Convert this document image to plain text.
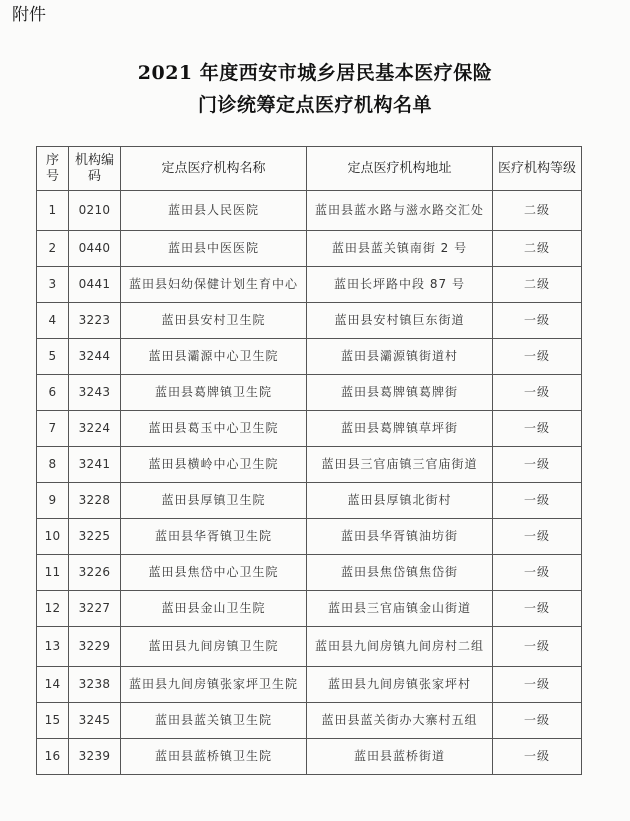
附件
2021 年度西安市城乡居民基本医疗保险
门诊统筹定点医疗机构名单
序号	机构编码	定点医疗机构名称	定点医疗机构地址	医疗机构等级
1	0210	蓝田县人民医院	蓝田县蓝水路与滋水路交汇处	二级
2	0440	蓝田县中医医院	蓝田县蓝关镇南街 2 号	二级
3	0441	蓝田县妇幼保健计划生育中心	蓝田长坪路中段 87 号	二级
4	3223	蓝田县安村卫生院	蓝田县安村镇巨东街道	一级
5	3244	蓝田县灞源中心卫生院	蓝田县灞源镇街道村	一级
6	3243	蓝田县葛牌镇卫生院	蓝田县葛牌镇葛牌街	一级
7	3224	蓝田县葛玉中心卫生院	蓝田县葛牌镇草坪街	一级
8	3241	蓝田县横岭中心卫生院	蓝田县三官庙镇三官庙街道	一级
9	3228	蓝田县厚镇卫生院	蓝田县厚镇北街村	一级
10	3225	蓝田县华胥镇卫生院	蓝田县华胥镇油坊街	一级
11	3226	蓝田县焦岱中心卫生院	蓝田县焦岱镇焦岱街	一级
12	3227	蓝田县金山卫生院	蓝田县三官庙镇金山街道	一级
13	3229	蓝田县九间房镇卫生院	蓝田县九间房镇九间房村二组	一级
14	3238	蓝田县九间房镇张家坪卫生院	蓝田县九间房镇张家坪村	一级
15	3245	蓝田县蓝关镇卫生院	蓝田县蓝关街办大寨村五组	一级
16	3239	蓝田县蓝桥镇卫生院	蓝田县蓝桥街道	一级
